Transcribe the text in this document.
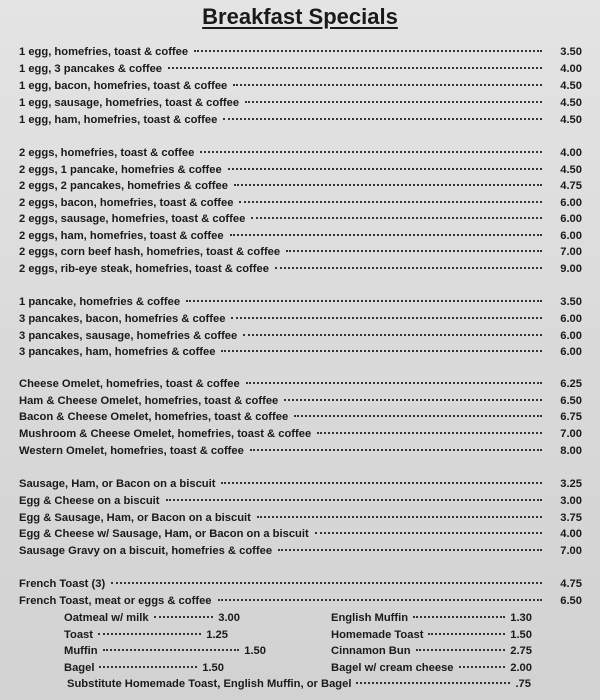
Breakfast Specials
1 egg, homefries, toast & coffee	3.50
1 egg, 3 pancakes & coffee	4.00
1 egg, bacon, homefries, toast & coffee	4.50
1 egg, sausage, homefries, toast & coffee	4.50
1 egg, ham, homefries, toast & coffee	4.50
2 eggs, homefries, toast & coffee	4.00
2 eggs, 1 pancake, homefries & coffee	4.50
2 eggs, 2 pancakes, homefries & coffee	4.75
2 eggs, bacon, homefries, toast & coffee	6.00
2 eggs, sausage, homefries, toast & coffee	6.00
2 eggs, ham, homefries, toast & coffee	6.00
2 eggs, corn beef hash, homefries, toast & coffee	7.00
2 eggs, rib-eye steak, homefries, toast & coffee	9.00
1 pancake, homefries & coffee	3.50
3 pancakes, bacon, homefries & coffee	6.00
3 pancakes, sausage, homefries & coffee	6.00
3 pancakes, ham, homefries & coffee	6.00
Cheese Omelet, homefries, toast & coffee	6.25
Ham & Cheese Omelet, homefries, toast & coffee	6.50
Bacon & Cheese Omelet, homefries, toast & coffee	6.75
Mushroom & Cheese Omelet, homefries, toast & coffee	7.00
Western Omelet, homefries, toast & coffee	8.00
Sausage, Ham, or Bacon on a biscuit	3.25
Egg & Cheese on a biscuit	3.00
Egg & Sausage, Ham, or Bacon on a biscuit	3.75
Egg & Cheese w/ Sausage, Ham, or Bacon on a biscuit	4.00
Sausage Gravy on a biscuit, homefries & coffee	7.00
French Toast (3)	4.75
French Toast, meat or eggs & coffee	6.50
Oatmeal w/ milk	3.00
Toast	1.25
Muffin	1.50
Bagel	1.50
English Muffin	1.30
Homemade Toast	1.50
Cinnamon Bun	2.75
Bagel w/ cream cheese	2.00
Substitute Homemade Toast, English Muffin, or Bagel	.75
